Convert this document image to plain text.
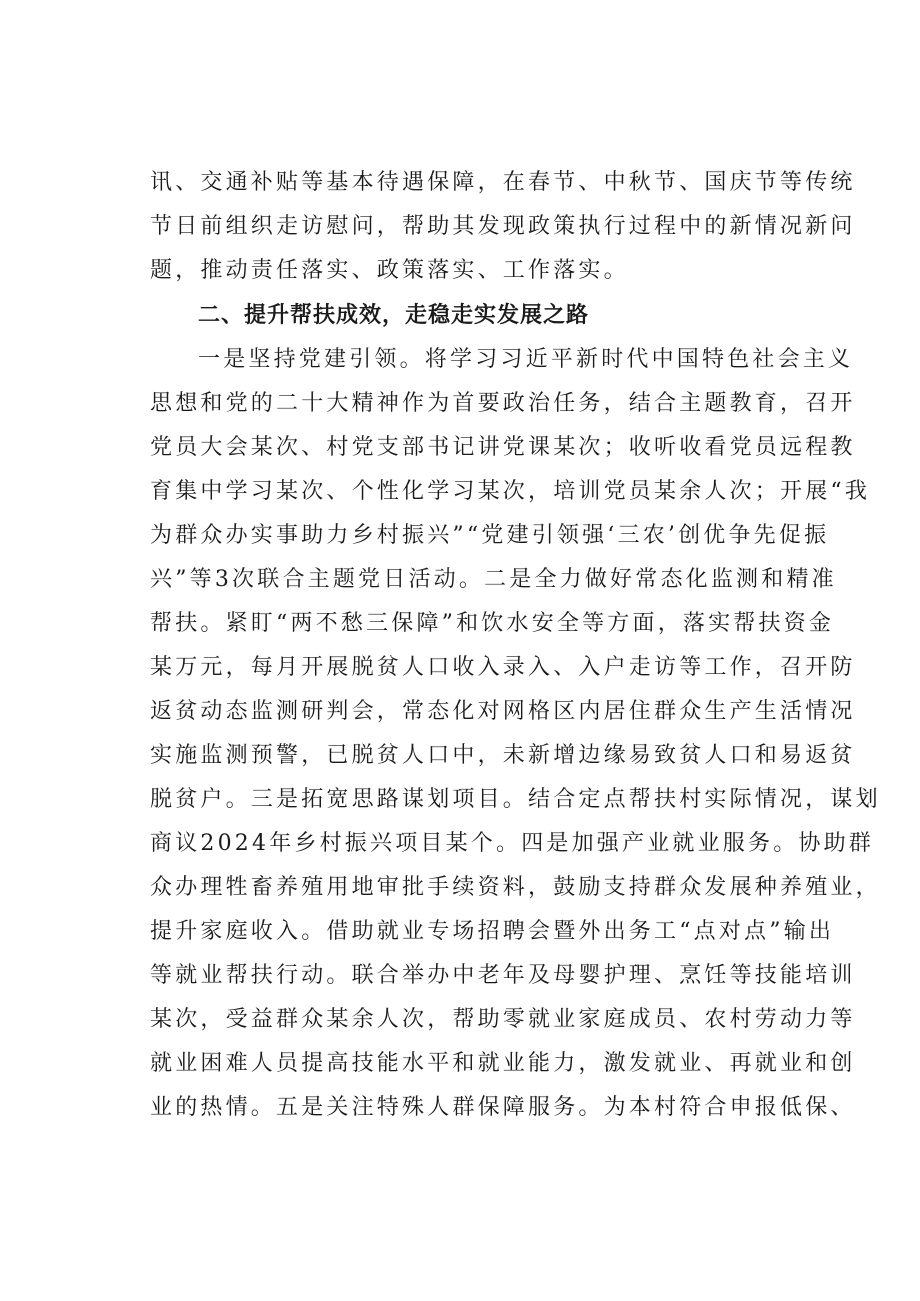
讯、交通补贴等基本待遇保障，在春节、中秋节、国庆节等传统
节日前组织走访慰问，帮助其发现政策执行过程中的新情况新问
题，推动责任落实、政策落实、工作落实。
二、提升帮扶成效，走稳走实发展之路
一是坚持党建引领。将学习习近平新时代中国特色社会主义
思想和党的二十大精神作为首要政治任务，结合主题教育，召开
党员大会某次、村党支部书记讲党课某次；收听收看党员远程教
育集中学习某次、个性化学习某次，培训党员某余人次；开展“我
为群众办实事助力乡村振兴”“党建引领强‘三农’创优争先促振
兴”等3次联合主题党日活动。二是全力做好常态化监测和精准
帮扶。紧盯“两不愁三保障”和饮水安全等方面，落实帮扶资金
某万元，每月开展脱贫人口收入录入、入户走访等工作，召开防
返贫动态监测研判会，常态化对网格区内居住群众生产生活情况
实施监测预警，已脱贫人口中，未新增边缘易致贫人口和易返贫
脱贫户。三是拓宽思路谋划项目。结合定点帮扶村实际情况，谋划
商议2024年乡村振兴项目某个。四是加强产业就业服务。协助群
众办理牲畜养殖用地审批手续资料，鼓励支持群众发展种养殖业，
提升家庭收入。借助就业专场招聘会暨外出务工“点对点”输出
等就业帮扶行动。联合举办中老年及母婴护理、烹饪等技能培训
某次，受益群众某余人次，帮助零就业家庭成员、农村劳动力等
就业困难人员提高技能水平和就业能力，激发就业、再就业和创
业的热情。五是关注特殊人群保障服务。为本村符合申报低保、
